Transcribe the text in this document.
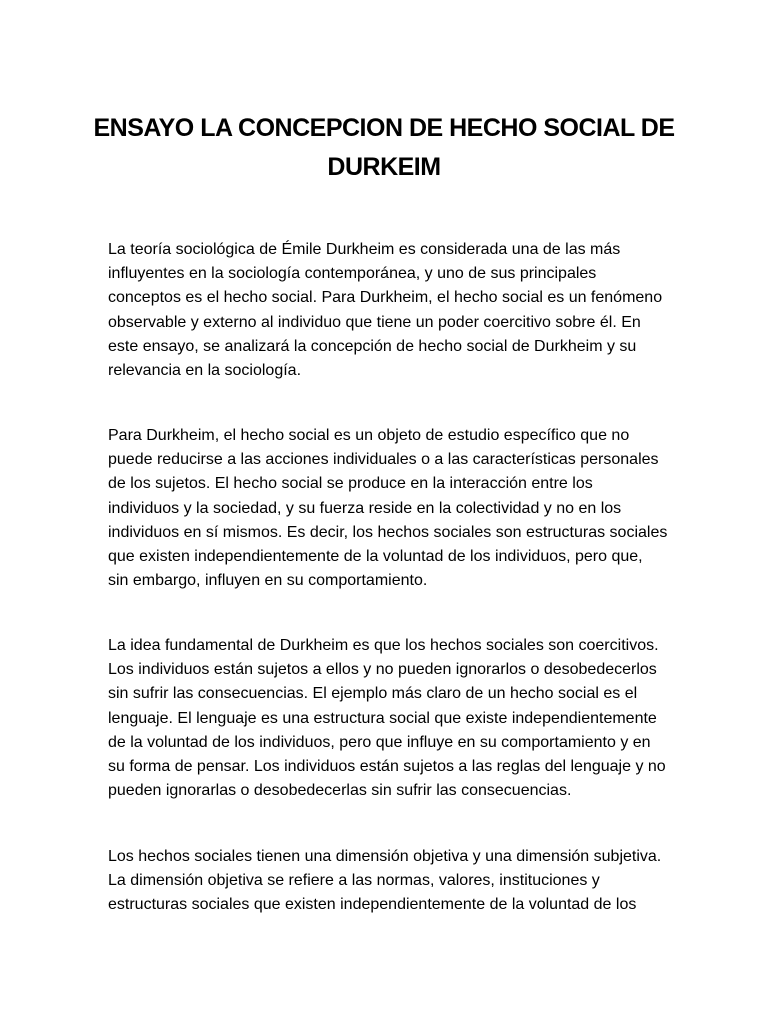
ENSAYO LA CONCEPCION DE HECHO SOCIAL DE
DURKEIM

La teoría sociológica de Émile Durkheim es considerada una de las más
influyentes en la sociología contemporánea, y uno de sus principales
conceptos es el hecho social. Para Durkheim, el hecho social es un fenómeno
observable y externo al individuo que tiene un poder coercitivo sobre él. En
este ensayo, se analizará la concepción de hecho social de Durkheim y su
relevancia en la sociología.

Para Durkheim, el hecho social es un objeto de estudio específico que no
puede reducirse a las acciones individuales o a las características personales
de los sujetos. El hecho social se produce en la interacción entre los
individuos y la sociedad, y su fuerza reside en la colectividad y no en los
individuos en sí mismos. Es decir, los hechos sociales son estructuras sociales
que existen independientemente de la voluntad de los individuos, pero que,
sin embargo, influyen en su comportamiento.

La idea fundamental de Durkheim es que los hechos sociales son coercitivos.
Los individuos están sujetos a ellos y no pueden ignorarlos o desobedecerlos
sin sufrir las consecuencias. El ejemplo más claro de un hecho social es el
lenguaje. El lenguaje es una estructura social que existe independientemente
de la voluntad de los individuos, pero que influye en su comportamiento y en
su forma de pensar. Los individuos están sujetos a las reglas del lenguaje y no
pueden ignorarlas o desobedecerlas sin sufrir las consecuencias.

Los hechos sociales tienen una dimensión objetiva y una dimensión subjetiva.
La dimensión objetiva se refiere a las normas, valores, instituciones y
estructuras sociales que existen independientemente de la voluntad de los
